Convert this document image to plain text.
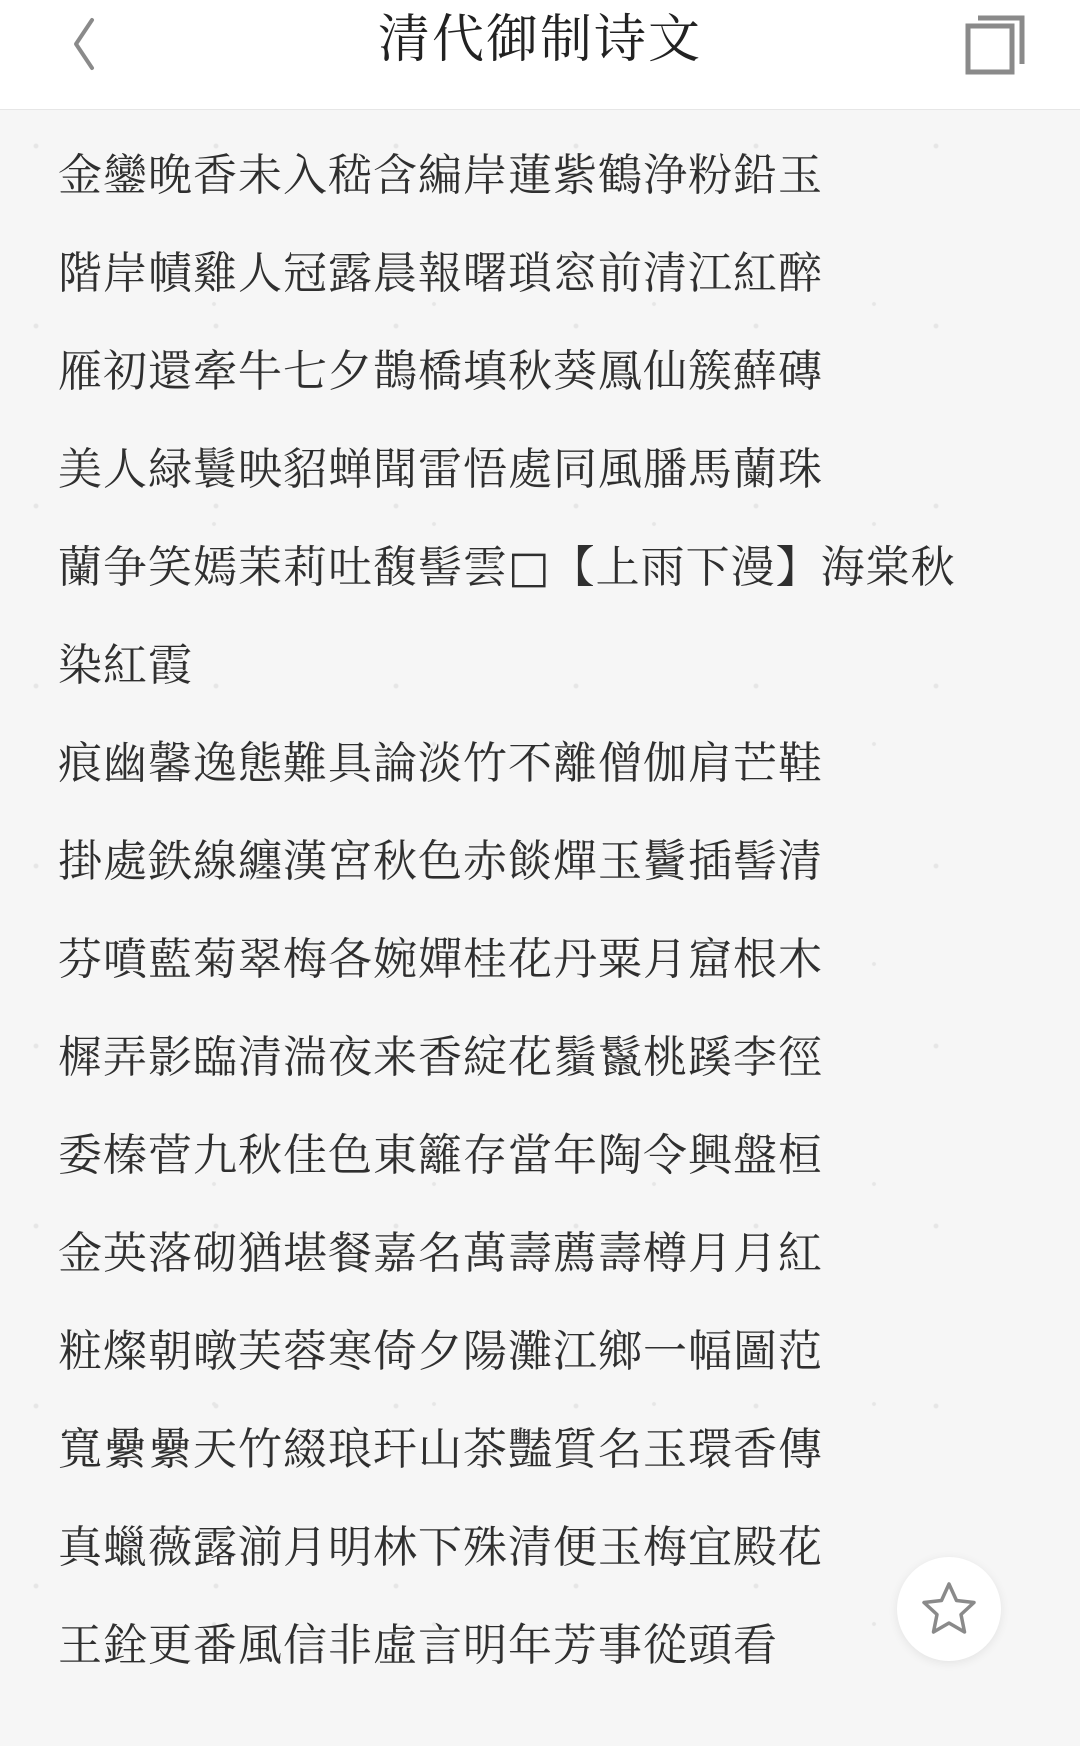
清代御制诗文
金鑾晚香未入嵇含編岸蓮紫鶴浄粉鉛玉
階岸幘雞人冠露晨報曙瑣窓前清江紅醉
雁初還牽牛七夕鵲橋填秋葵鳳仙簇蘚磚
美人緑鬟映貂蝉聞雷悟處同風膰馬蘭珠
蘭争笑嫣茉莉吐馥髻雲□【上雨下漫】海棠秋
染紅霞
痕幽馨逸態難具論淡竹不離僧伽肩芒鞋
掛處鉄線纏漢宮秋色赤餤燀玉鬢插髻清
芬噴藍菊翠梅各婉嬋桂花丹粟月窟根木
樨弄影臨清湍夜来香綻花鬚鬣桃蹊李徑
委榛菅九秋佳色東籬存當年陶令興盤桓
金英落砌猶堪餐嘉名萬壽薦壽樽月月紅
粧燦朝暾芙蓉寒倚夕陽灘江鄉一幅圖范
寬纍纍天竹綴琅玕山茶豔質名玉環香傳
真蠟薇露湔月明林下殊清便玉梅宜殿花
王銓更番風信非虛言明年芳事從頭看
